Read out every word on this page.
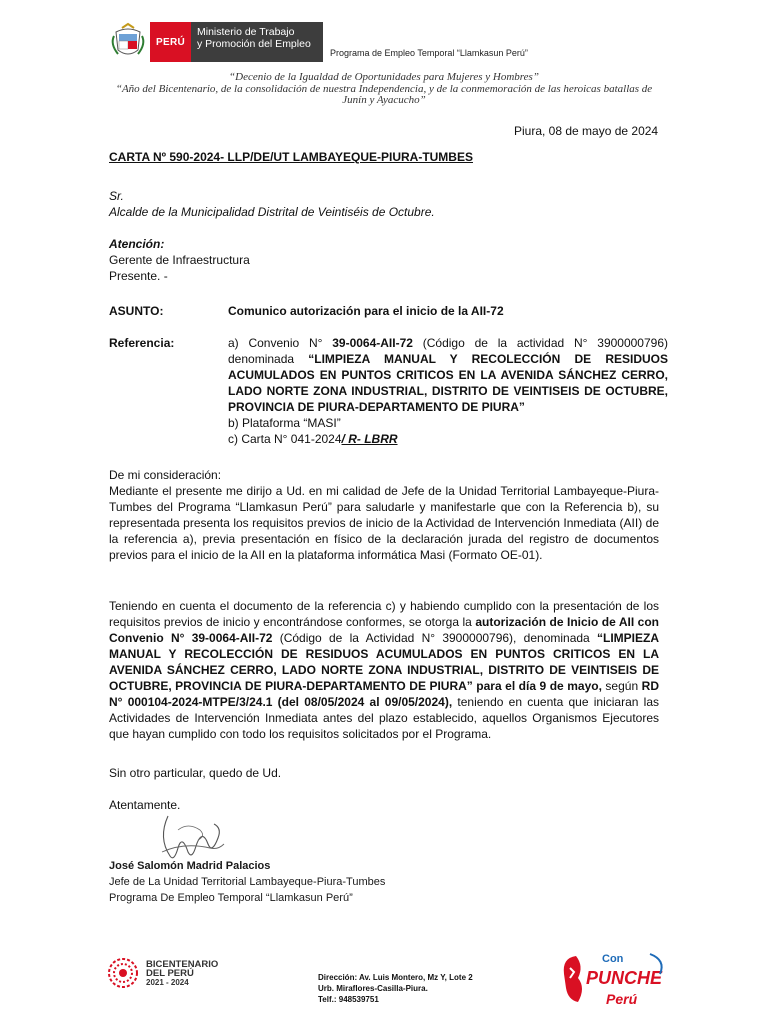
PERÚ
Ministerio de Trabajo
y Promoción del Empleo
Programa de Empleo Temporal “Llamkasun Perú”
“Decenio de la Igualdad de Oportunidades para Mujeres y Hombres”
“Año del Bicentenario, de la consolidación de nuestra Independencia, y de la conmemoración de las heroicas batallas de
Junín y Ayacucho”
Piura, 08 de mayo de 2024
CARTA Nº 590-2024- LLP/DE/UT LAMBAYEQUE-PIURA-TUMBES
Sr.
Alcalde de la Municipalidad Distrital de Veintiséis de Octubre.
Atención:
Gerente de Infraestructura
Presente. -
ASUNTO:	Comunico autorización para el inicio de la AII-72
Referencia:	a) Convenio N° 39-0064-AII-72 (Código de la actividad N° 3900000796) denominada “LIMPIEZA MANUAL Y RECOLECCIÓN DE RESIDUOS ACUMULADOS EN PUNTOS CRITICOS EN LA AVENIDA SÁNCHEZ CERRO, LADO NORTE ZONA INDUSTRIAL, DISTRITO DE VEINTISEIS DE OCTUBRE, PROVINCIA DE PIURA-DEPARTAMENTO DE PIURA”

b) Plataforma “MASI”

c) Carta N° 041-2024/ R- LBRR

De mi consideración:
Mediante el presente me dirijo a Ud. en mi calidad de Jefe de la Unidad Territorial Lambayeque-Piura-Tumbes del Programa “Llamkasun Perú” para saludarle y manifestarle que con la Referencia b), su representada presenta los requisitos previos de inicio de la Actividad de Intervención Inmediata (AII) de la referencia a), previa presentación en físico de la declaración jurada del registro de documentos previos para el inicio de la AII en la plataforma informática Masi (Formato OE-01).
Teniendo en cuenta el documento de la referencia c) y habiendo cumplido con la presentación de los requisitos previos de inicio y encontrándose conformes, se otorga la autorización de Inicio de AII con Convenio N° 39-0064-AII-72 (Código de la Actividad N° 3900000796), denominada “LIMPIEZA MANUAL Y RECOLECCIÓN DE RESIDUOS ACUMULADOS EN PUNTOS CRITICOS EN LA AVENIDA SÁNCHEZ CERRO, LADO NORTE ZONA INDUSTRIAL, DISTRITO DE VEINTISEIS DE OCTUBRE, PROVINCIA DE PIURA-DEPARTAMENTO DE PIURA” para el día 9 de mayo, según RD N° 000104-2024-MTPE/3/24.1 (del 08/05/2024 al 09/05/2024), teniendo en cuenta que iniciaran las Actividades de Intervención Inmediata antes del plazo establecido, aquellos Organismos Ejecutores que hayan cumplido con todo los requisitos solicitados por el Programa.
Sin otro particular, quedo de Ud.
Atentamente.
José Salomón Madrid Palacios
Jefe de La Unidad Territorial Lambayeque-Piura-Tumbes
Programa De Empleo Temporal “Llamkasun Perú”
BICENTENARIO
DEL PERÚ
2021 - 2024	Dirección: Av. Luis Montero, Mz Y, Lote 2
Urb. Miraflores-Casilla-Piura.
Telf.: 948539751
Con
PUNCHE
Perú
